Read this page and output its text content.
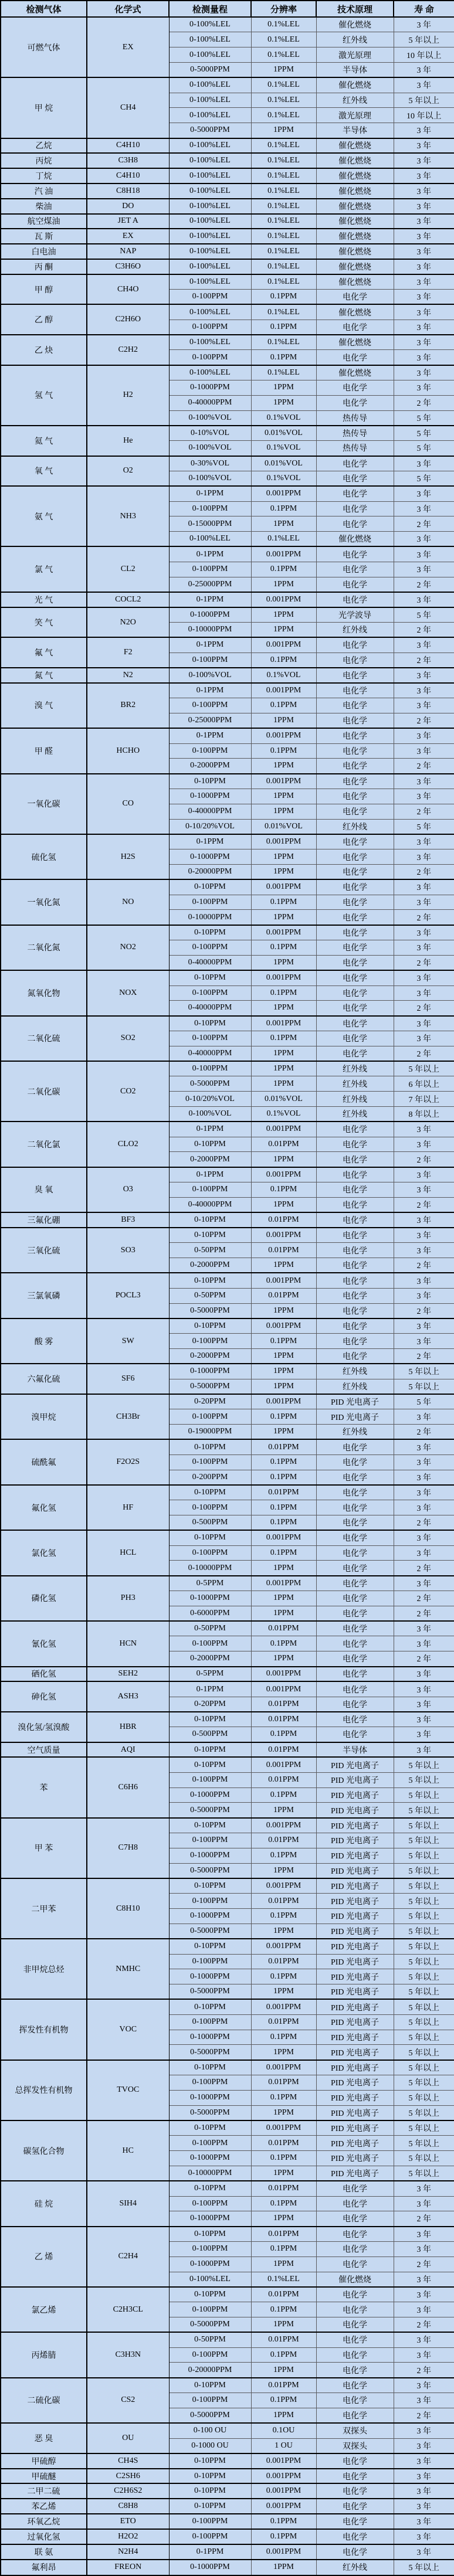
检测气体	化学式	检测量程	分辨率	技术原理	寿 命
可燃气体	EX	0-100%LEL	0.1%LEL	催化燃烧	3 年
		0-100%LEL	0.1%LEL	红外线	5 年以上
		0-100%LEL	0.1%LEL	激光原理	10 年以上
		0-5000PPM	1PPM	半导体	3 年
甲 烷	CH4	0-100%LEL	0.1%LEL	催化燃烧	3 年
		0-100%LEL	0.1%LEL	红外线	5 年以上
		0-100%LEL	0.1%LEL	激光原理	10 年以上
		0-5000PPM	1PPM	半导体	3 年
乙烷	C4H10	0-100%LEL	0.1%LEL	催化燃烧	3 年
丙烷	C3H8	0-100%LEL	0.1%LEL	催化燃烧	3 年
丁烷	C4H10	0-100%LEL	0.1%LEL	催化燃烧	3 年
汽 油	C8H18	0-100%LEL	0.1%LEL	催化燃烧	3 年
柴油	DO	0-100%LEL	0.1%LEL	催化燃烧	3 年
航空煤油	JET A	0-100%LEL	0.1%LEL	催化燃烧	3 年
瓦 斯	EX	0-100%LEL	0.1%LEL	催化燃烧	3 年
白电油	NAP	0-100%LEL	0.1%LEL	催化燃烧	3 年
丙 酮	C3H6O	0-100%LEL	0.1%LEL	催化燃烧	3 年
甲 醇	CH4O	0-100%LEL	0.1%LEL	催化燃烧	3 年
		0-100PPM	0.1PPM	电化学	3 年
乙 醇	C2H6O	0-100%LEL	0.1%LEL	催化燃烧	3 年
		0-100PPM	0.1PPM	电化学	3 年
乙 炔	C2H2	0-100%LEL	0.1%LEL	催化燃烧	3 年
		0-100PPM	0.1PPM	电化学	3 年
氢 气	H2	0-100%LEL	0.1%LEL	催化燃烧	3 年
		0-1000PPM	1PPM	电化学	3 年
		0-40000PPM	1PPM	电化学	2 年
		0-100%VOL	0.1%VOL	热传导	5 年
氦 气	He	0-10%VOL	0.01%VOL	热传导	5 年
		0-100%VOL	0.1%VOL	热传导	5 年
氧 气	O2	0-30%VOL	0.01%VOL	电化学	3 年
		0-100%VOL	0.1%VOL	电化学	5 年
氨 气	NH3	0-1PPM	0.001PPM	电化学	3 年
		0-100PPM	0.1PPM	电化学	3 年
		0-15000PPM	1PPM	电化学	2 年
		0-100%LEL	0.1%LEL	催化燃烧	3 年
氯 气	CL2	0-1PPM	0.001PPM	电化学	3 年
		0-100PPM	0.1PPM	电化学	3 年
		0-25000PPM	1PPM	电化学	2 年
光 气	COCL2	0-1PPM	0.001PPM	电化学	3 年
笑 气	N2O	0-1000PPM	1PPM	光学波导	5 年
		0-10000PPM	1PPM	红外线	2 年
氟 气	F2	0-1PPM	0.001PPM	电化学	3 年
		0-100PPM	0.1PPM	电化学	2 年
氮 气	N2	0-100%VOL	0.1%VOL	电化学	3 年
溴 气	BR2	0-1PPM	0.001PPM	电化学	3 年
		0-100PPM	0.1PPM	电化学	3 年
		0-25000PPM	1PPM	电化学	2 年
甲 醛	HCHO	0-1PPM	0.001PPM	电化学	3 年
		0-100PPM	0.1PPM	电化学	3 年
		0-2000PPM	1PPM	电化学	2 年
一氧化碳	CO	0-10PPM	0.001PPM	电化学	3 年
		0-1000PPM	1PPM	电化学	3 年
		0-40000PPM	1PPM	电化学	2 年
		0-10/20%VOL	0.01%VOL	红外线	5 年
硫化氢	H2S	0-1PPM	0.001PPM	电化学	3 年
		0-1000PPM	1PPM	电化学	3 年
		0-20000PPM	1PPM	电化学	2 年
一氧化氮	NO	0-10PPM	0.001PPM	电化学	3 年
		0-100PPM	0.1PPM	电化学	3 年
		0-10000PPM	1PPM	电化学	2 年
二氧化氮	NO2	0-10PPM	0.001PPM	电化学	3 年
		0-100PPM	0.1PPM	电化学	3 年
		0-40000PPM	1PPM	电化学	2 年
氮氧化物	NOX	0-10PPM	0.001PPM	电化学	3 年
		0-100PPM	0.1PPM	电化学	3 年
		0-40000PPM	1PPM	电化学	2 年
二氧化硫	SO2	0-10PPM	0.001PPM	电化学	3 年
		0-100PPM	0.1PPM	电化学	3 年
		0-40000PPM	1PPM	电化学	2 年
二氧化碳	CO2	0-100PPM	1PPM	红外线	5 年以上
		0-5000PPM	1PPM	红外线	6 年以上
		0-10/20%VOL	0.01%VOL	红外线	7 年以上
		0-100%VOL	0.1%VOL	红外线	8 年以上
二氧化氯	CLO2	0-1PPM	0.001PPM	电化学	3 年
		0-10PPM	0.01PPM	电化学	3 年
		0-2000PPM	1PPM	电化学	2 年
臭 氧	O3	0-1PPM	0.001PPM	电化学	3 年
		0-100PPM	0.1PPM	电化学	3 年
		0-40000PPM	1PPM	电化学	2 年
三氟化硼	BF3	0-10PPM	0.01PPM	电化学	3 年
三氧化硫	SO3	0-10PPM	0.001PPM	电化学	3 年
		0-50PPM	0.01PPM	电化学	3 年
		0-2000PPM	1PPM	电化学	2 年
三氯氧磷	POCL3	0-10PPM	0.001PPM	电化学	3 年
		0-50PPM	0.01PPM	电化学	3 年
		0-5000PPM	1PPM	电化学	2 年
酸 雾	SW	0-10PPM	0.001PPM	电化学	3 年
		0-100PPM	0.1PPM	电化学	3 年
		0-2000PPM	1PPM	电化学	2 年
六氟化硫	SF6	0-1000PPM	1PPM	红外线	5 年以上
		0-5000PPM	1PPM	红外线	5 年以上
溴甲烷	CH3Br	0-20PPM	0.001PPM	PID 光电离子	5 年
		0-100PPM	0.1PPM	PID 光电离子	3 年
		0-19000PPM	1PPM	红外线	2 年
硫酰氟	F2O2S	0-10PPM	0.01PPM	电化学	3 年
		0-100PPM	0.1PPM	电化学	3 年
		0-200PPM	0.1PPM	电化学	3 年
氟化氢	HF	0-10PPM	0.01PPM	电化学	3 年
		0-100PPM	0.1PPM	电化学	3 年
		0-500PPM	0.1PPM	电化学	2 年
氯化氢	HCL	0-10PPM	0.001PPM	电化学	3 年
		0-100PPM	0.1PPM	电化学	3 年
		0-10000PPM	1PPM	电化学	2 年
磷化氢	PH3	0-5PPM	0.001PPM	电化学	3 年
		0-1000PPM	1PPM	电化学	2 年
		0-6000PPM	1PPM	电化学	2 年
氰化氢	HCN	0-50PPM	0.01PPM	电化学	3 年
		0-100PPM	0.1PPM	电化学	3 年
		0-2000PPM	1PPM	电化学	2 年
硒化氢	SEH2	0-5PPM	0.001PPM	电化学	3 年
砷化氢	ASH3	0-1PPM	0.001PPM	电化学	3 年
		0-20PPM	0.01PPM	电化学	3 年
溴化氢/氢溴酸	HBR	0-10PPM	0.01PPM	电化学	3 年
		0-500PPM	0.1PPM	电化学	3 年
空气质量	AQI	0-10PPM	0.01PPM	半导体	3 年
苯	C6H6	0-10PPM	0.001PPM	PID 光电离子	5 年以上
		0-100PPM	0.01PPM	PID 光电离子	5 年以上
		0-1000PPM	0.1PPM	PID 光电离子	5 年以上
		0-5000PPM	1PPM	PID 光电离子	5 年以上
甲 苯	C7H8	0-10PPM	0.001PPM	PID 光电离子	5 年以上
		0-100PPM	0.01PPM	PID 光电离子	5 年以上
		0-1000PPM	0.1PPM	PID 光电离子	5 年以上
		0-5000PPM	1PPM	PID 光电离子	5 年以上
二甲苯	C8H10	0-10PPM	0.001PPM	PID 光电离子	5 年以上
		0-100PPM	0.01PPM	PID 光电离子	5 年以上
		0-1000PPM	0.1PPM	PID 光电离子	5 年以上
		0-5000PPM	1PPM	PID 光电离子	5 年以上
非甲烷总烃	NMHC	0-10PPM	0.001PPM	PID 光电离子	5 年以上
		0-100PPM	0.01PPM	PID 光电离子	5 年以上
		0-1000PPM	0.1PPM	PID 光电离子	5 年以上
		0-5000PPM	1PPM	PID 光电离子	5 年以上
挥发性有机物	VOC	0-10PPM	0.001PPM	PID 光电离子	5 年以上
		0-100PPM	0.01PPM	PID 光电离子	5 年以上
		0-1000PPM	0.1PPM	PID 光电离子	5 年以上
		0-5000PPM	1PPM	PID 光电离子	5 年以上
总挥发性有机物	TVOC	0-10PPM	0.001PPM	PID 光电离子	5 年以上
		0-100PPM	0.01PPM	PID 光电离子	5 年以上
		0-1000PPM	0.1PPM	PID 光电离子	5 年以上
		0-5000PPM	1PPM	PID 光电离子	5 年以上
碳氢化合物	HC	0-10PPM	0.001PPM	PID 光电离子	5 年以上
		0-100PPM	0.01PPM	PID 光电离子	5 年以上
		0-1000PPM	0.1PPM	PID 光电离子	5 年以上
		0-10000PPM	1PPM	PID 光电离子	5 年以上
硅 烷	SIH4	0-10PPM	0.01PPM	电化学	3 年
		0-100PPM	0.1PPM	电化学	3 年
		0-1000PPM	1PPM	电化学	2 年
乙 烯	C2H4	0-10PPM	0.01PPM	电化学	3 年
		0-100PPM	0.1PPM	电化学	3 年
		0-1000PPM	1PPM	电化学	2 年
		0-100%LEL	0.1%LEL	催化燃烧	3 年
氯乙烯	C2H3CL	0-10PPM	0.01PPM	电化学	3 年
		0-100PPM	0.1PPM	电化学	3 年
		0-5000PPM	1PPM	电化学	2 年
丙烯腈	C3H3N	0-50PPM	0.01PPM	电化学	3 年
		0-100PPM	0.1PPM	电化学	3 年
		0-20000PPM	1PPM	电化学	2 年
二硫化碳	CS2	0-10PPM	0.01PPM	电化学	3 年
		0-100PPM	0.1PPM	电化学	3 年
		0-5000PPM	1PPM	电化学	2 年
恶 臭	OU	0-100 OU	0.1OU	双探头	3 年
		0-1000 OU	1 OU	双探头	3 年
甲硫醇	CH4S	0-10PPM	0.001PPM	电化学	3 年
甲硫醚	C2SH6	0-10PPM	0.001PPM	电化学	3 年
二甲二硫	C2H6S2	0-10PPM	0.001PPM	电化学	3 年
苯乙烯	C8H8	0-10PPM	0.001PPM	电化学	3 年
环氧乙烷	ETO	0-100PPM	0.1PPM	电化学	3 年
过氧化氢	H2O2	0-100PPM	0.1PPM	电化学	3 年
联 氨	N2H4	0-1PPM	0.001PPM	电化学	3 年
氟利昂	FREON	0-1000PPM	1PPM	红外线	5 年以上
